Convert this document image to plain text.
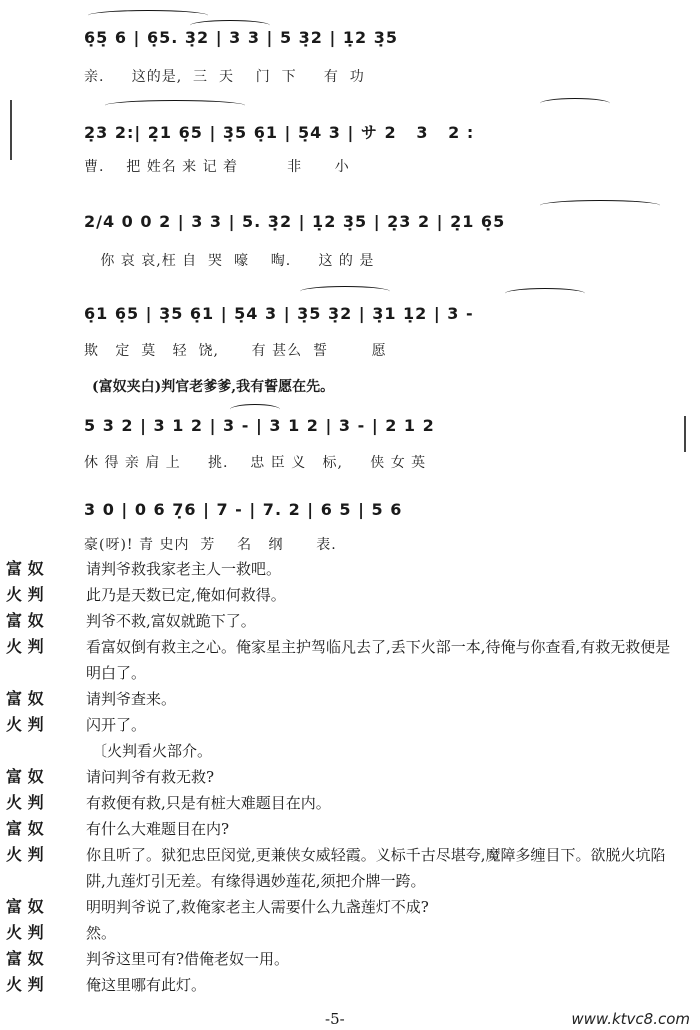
6̣5̣ 6 | 6̣5. 3̣2 | 3 3 | 5 3̣2 | 1̣2 3̣5
亲.     这的是,  三  天    门  下     有  功
2̣3 2:| 2̣1 6̣5 | 3̣5 6̣1 | 5̣4 3 | サ 2   3   2 :
曹.    把 姓名 来 记 着         非      小
2/4 0 0 2 | 3 3 | 5. 3̣2 | 1̣2 3̣5 | 2̣3 2 | 2̣1 6̣5
你 哀 哀,枉 自  哭  嚎    啕.     这 的 是
6̣1 6̣5 | 3̣5 6̣1 | 5̣4 3 | 3̣5 3̣2 | 3̣1 1̣2 | 3 -
欺   定  莫   轻  饶,      有 甚么  誓        愿
(富奴夹白)判官老爹爹,我有誓愿在先。
5 3 2 | 3 1 2 | 3 - | 3 1 2 | 3 - | 2 1 2
休 得 亲 肩 上     挑.    忠 臣 义   标,     侠 女 英
3 0 | 0 6 7̣6 | 7 - | 7. 2 | 6 5 | 5 6
豪(呀)! 青 史内  芳    名   纲      表.
富 奴	请判爷救我家老主人一救吧。
火 判	此乃是天数已定,俺如何救得。
富 奴	判爷不救,富奴就跪下了。
火 判	看富奴倒有救主之心。俺家星主护驾临凡去了,丢下火部一本,待俺与你查看,有救无救便是明白了。
富 奴	请判爷查来。
火 判	闪开了。
〔火判看火部介。
富 奴	请问判爷有救无救?
火 判	有救便有救,只是有桩大难题目在内。
富 奴	有什么大难题目在内?
火 判	你且听了。狱犯忠臣闵觉,更兼侠女威轻霞。义标千古尽堪夸,魔障多缠目下。欲脱火坑陷阱,九莲灯引无差。有缘得遇妙莲花,须把介牌一跨。
富 奴	明明判爷说了,救俺家老主人需要什么九盏莲灯不成?
火 判	然。
富 奴	判爷这里可有?借俺老奴一用。
火 判	俺这里哪有此灯。
-5-	www.ktvc8.com
